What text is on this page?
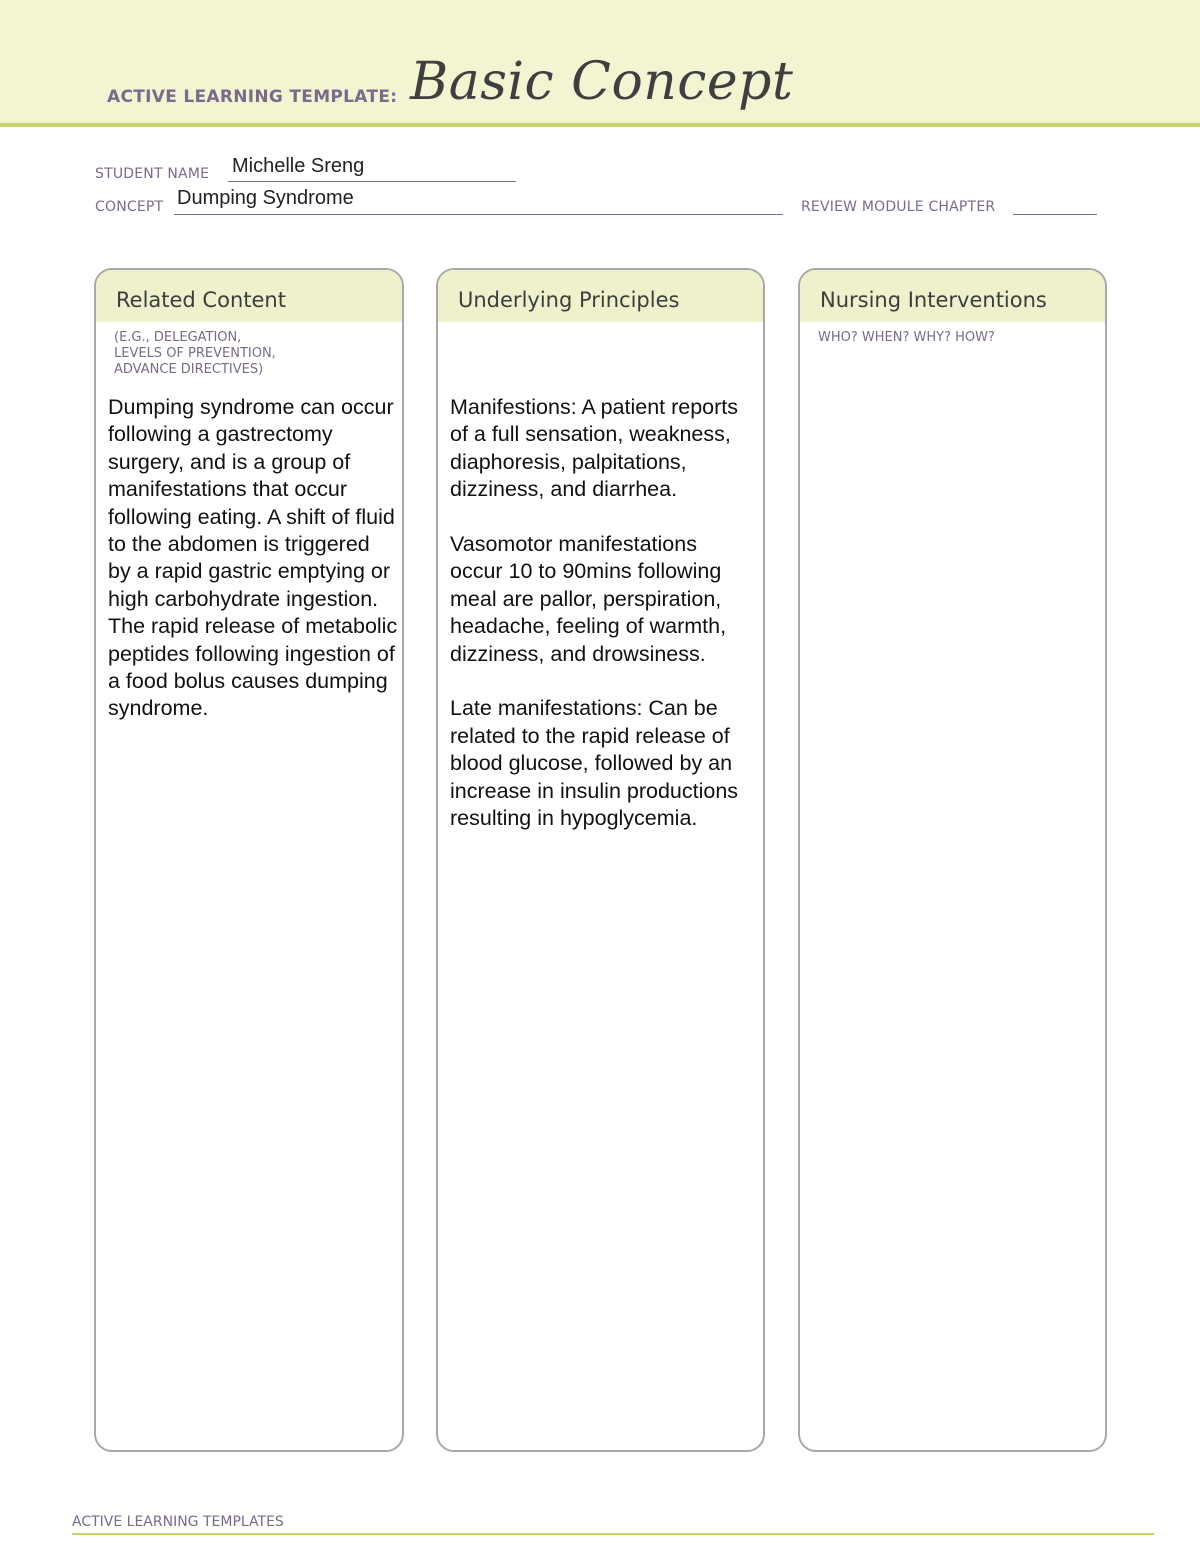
ACTIVE LEARNING TEMPLATE: Basic Concept
STUDENT NAME Michelle Sreng
CONCEPT Dumping Syndrome	REVIEW MODULE CHAPTER
Related Content
(E.G., DELEGATION,
LEVELS OF PREVENTION,
ADVANCE DIRECTIVES)

Dumping syndrome can occur following a gastrectomy surgery, and is a group of manifestations that occur following eating. A shift of fluid to the abdomen is triggered by a rapid gastric emptying or high carbohydrate ingestion. The rapid release of metabolic peptides following ingestion of a food bolus causes dumping syndrome.

Underlying Principles

Manifestions: A patient reports of a full sensation, weakness, diaphoresis, palpitations, dizziness, and diarrhea.

Vasomotor manifestations occur 10 to 90mins following meal are pallor, perspiration, headache, feeling of warmth, dizziness, and drowsiness.

Late manifestations: Can be related to the rapid release of blood glucose, followed by an increase in insulin productions resulting in hypoglycemia.

Nursing Interventions
WHO? WHEN? WHY? HOW?
ACTIVE LEARNING TEMPLATES
